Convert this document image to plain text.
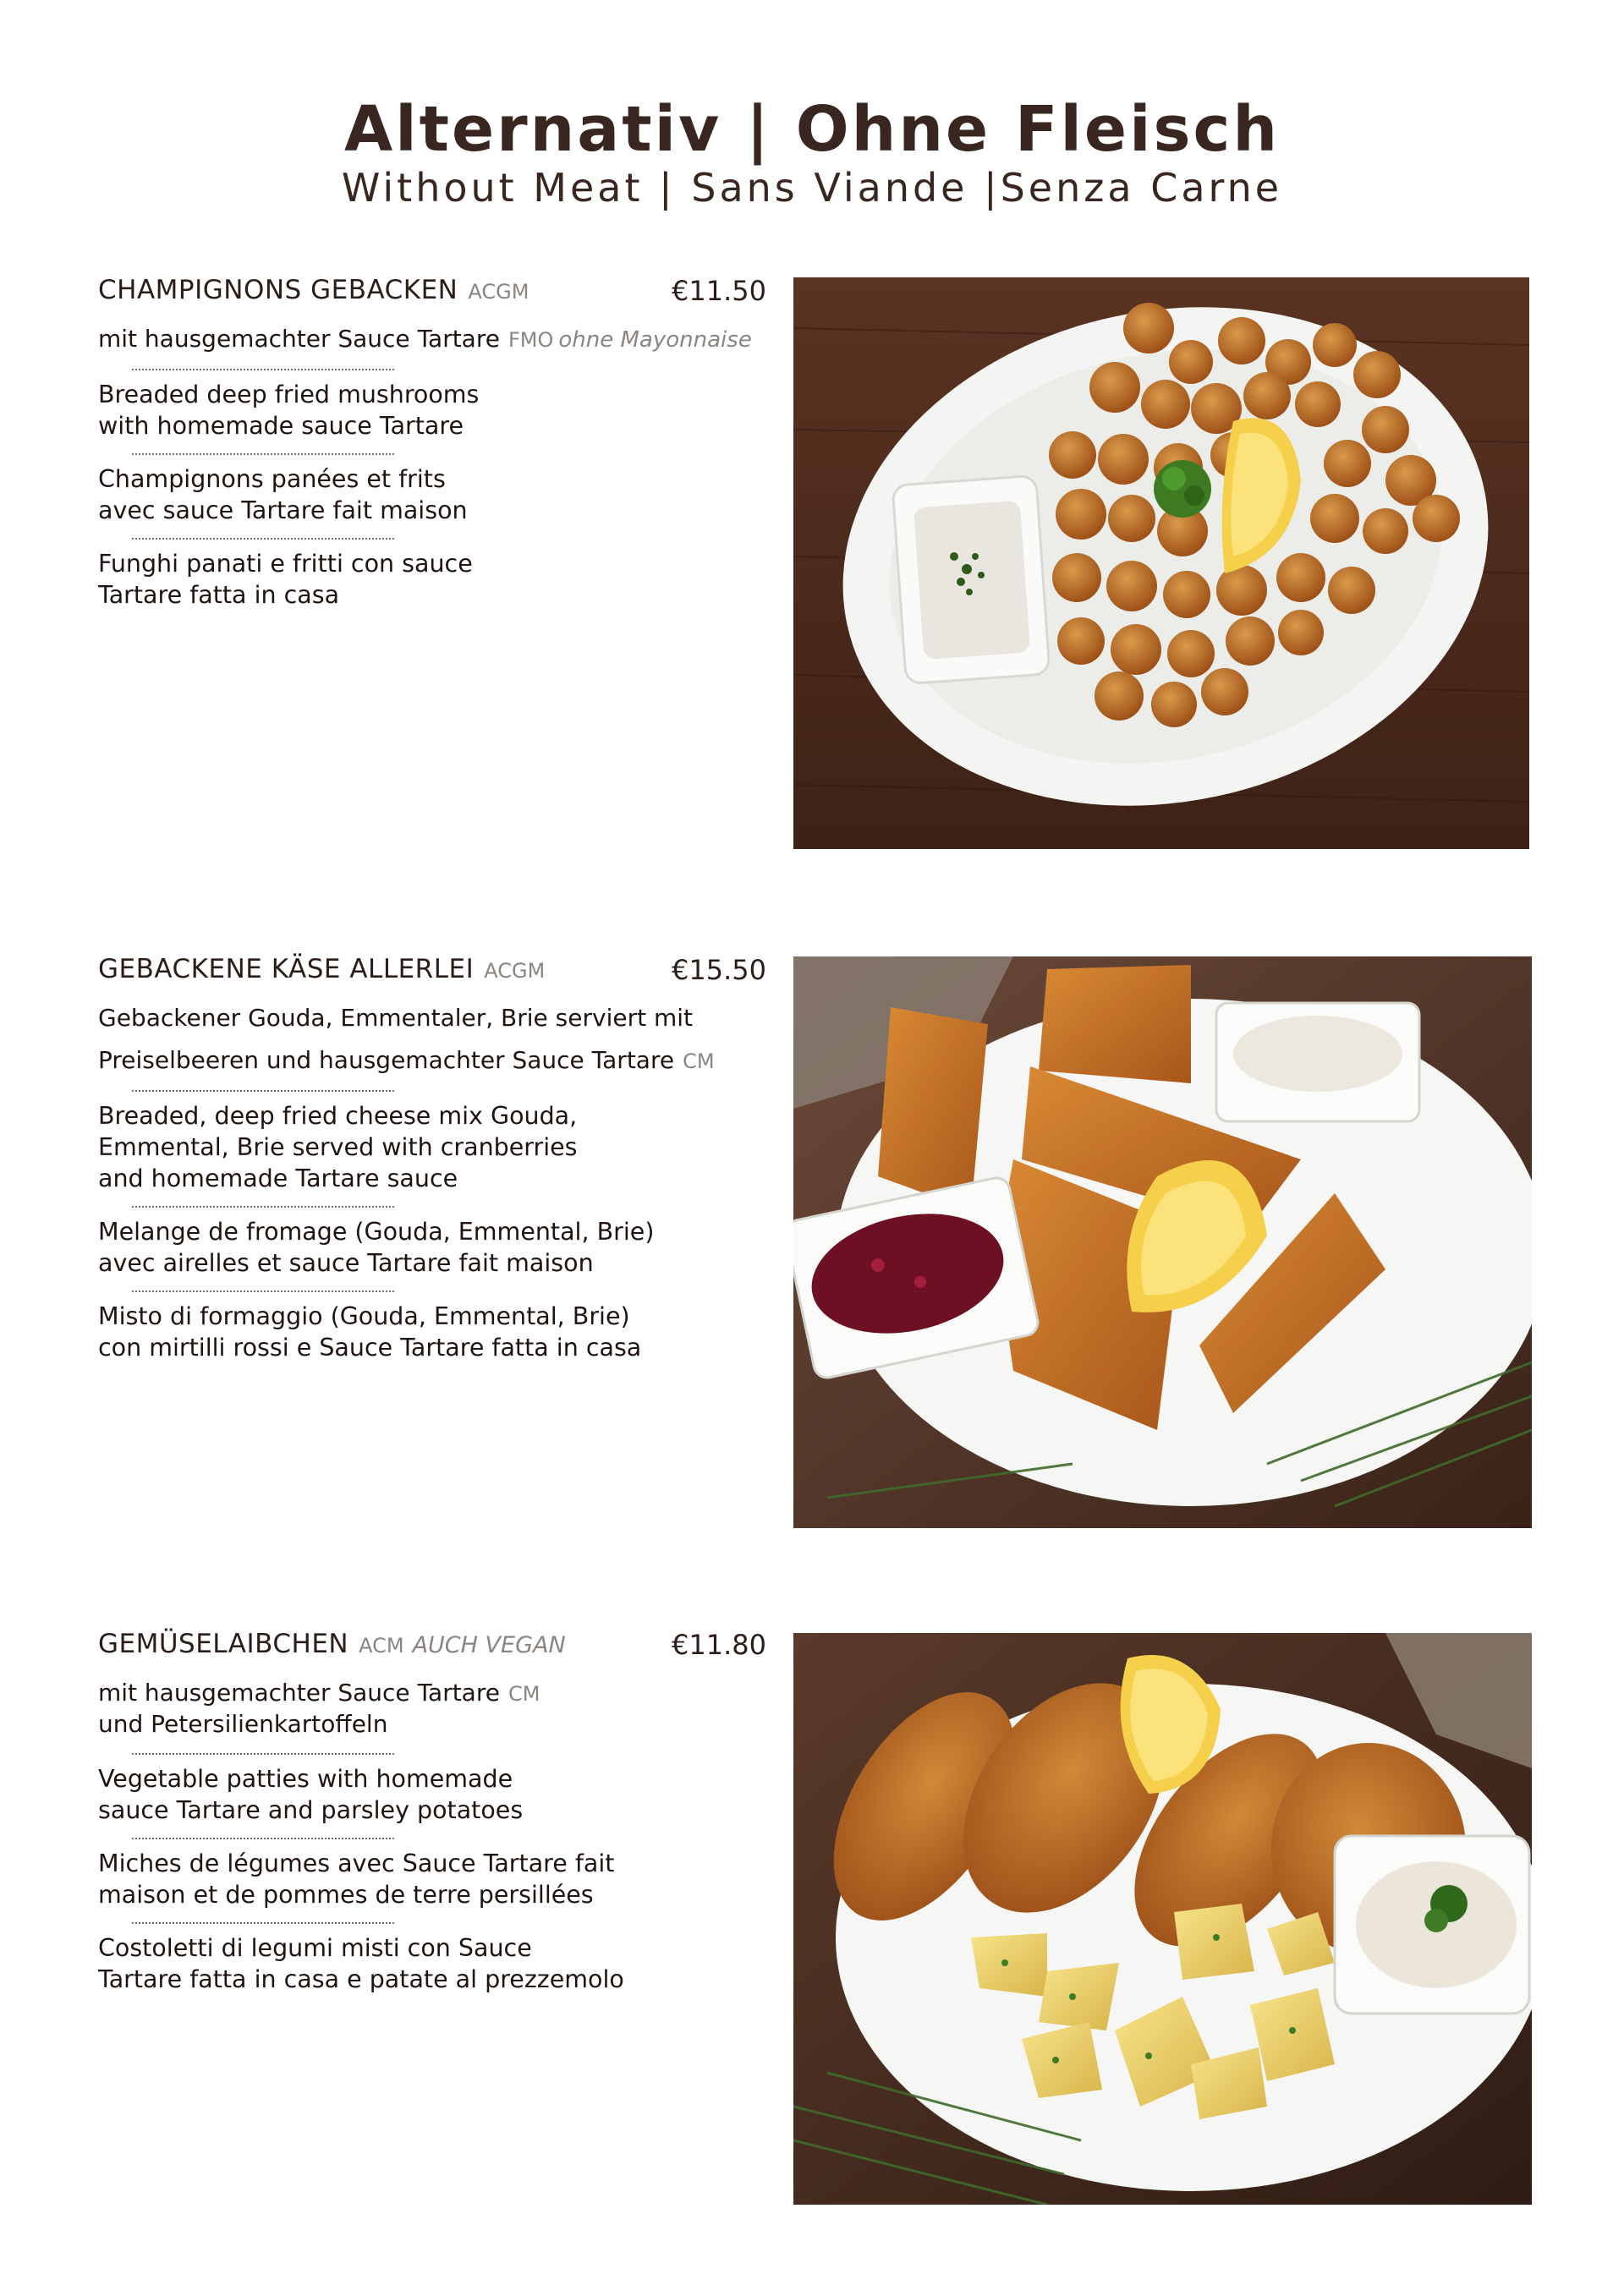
Alternativ | Ohne Fleisch
Without Meat | Sans Viande |Senza Carne
CHAMPIGNONS GEBACKEN ACGM	€11.50
mit hausgemachter Sauce Tartare FMO ohne Mayonnaise
Breaded deep fried mushrooms
with homemade sauce Tartare
Champignons panées et frits
avec sauce Tartare fait maison
Funghi panati e fritti con sauce
Tartare fatta in casa
GEBACKENE KÄSE ALLERLEI ACGM	€15.50
Gebackener Gouda, Emmentaler, Brie serviert mit
Preiselbeeren und hausgemachter Sauce Tartare CM
Breaded, deep fried cheese mix Gouda,
Emmental, Brie served with cranberries
and homemade Tartare sauce
Melange de fromage (Gouda, Emmental, Brie)
avec airelles et sauce Tartare fait maison
Misto di formaggio (Gouda, Emmental, Brie)
con mirtilli rossi e Sauce Tartare fatta in casa
GEMÜSELAIBCHEN ACM AUCH VEGAN	€11.80
mit hausgemachter Sauce Tartare CM
und Petersilienkartoffeln
Vegetable patties with homemade
sauce Tartare and parsley potatoes
Miches de légumes avec Sauce Tartare fait
maison et de pommes de terre persillées
Costoletti di legumi misti con Sauce
Tartare fatta in casa e patate al prezzemolo
